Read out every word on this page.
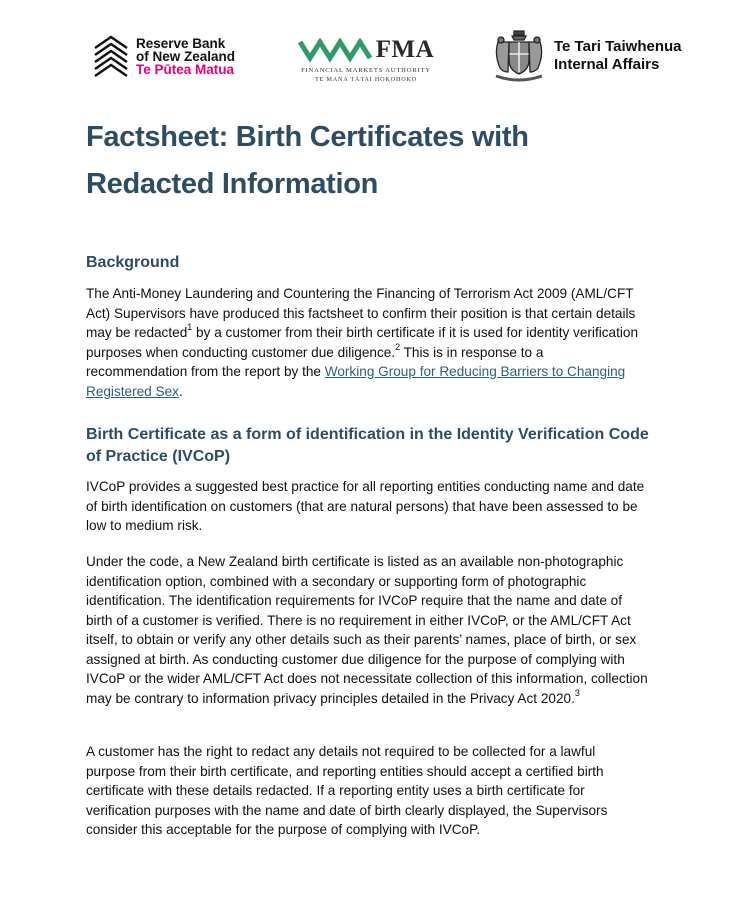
Reserve Bank
of New Zealand
Te Pūtea Matua
FMA
FINANCIAL MARKETS AUTHORITY
TE MANA TĀTAI HOKOHOKO
Te Tari Taiwhenua
Internal Affairs
Factsheet: Birth Certificates with
Redacted Information
Background

The Anti-Money Laundering and Countering the Financing of Terrorism Act 2009 (AML/CFT Act) Supervisors have produced this factsheet to confirm their position is that certain details may be redacted$^1$ by a customer from their birth certificate if it is used for identity verification purposes when conducting customer due diligence.$^2$ This is in response to a recommendation from the report by the Working Group for Reducing Barriers to Changing Registered Sex.

Birth Certificate as a form of identification in the Identity Verification Code of Practice (IVCoP)

IVCoP provides a suggested best practice for all reporting entities conducting name and date of birth identification on customers (that are natural persons) that have been assessed to be low to medium risk.

Under the code, a New Zealand birth certificate is listed as an available non-photographic identification option, combined with a secondary or supporting form of photographic identification. The identification requirements for IVCoP require that the name and date of birth of a customer is verified. There is no requirement in either IVCoP, or the AML/CFT Act itself, to obtain or verify any other details such as their parents’ names, place of birth, or sex assigned at birth. As conducting customer due diligence for the purpose of complying with IVCoP or the wider AML/CFT Act does not necessitate collection of this information, collection may be contrary to information privacy principles detailed in the Privacy Act 2020.$^3$

A customer has the right to redact any details not required to be collected for a lawful purpose from their birth certificate, and reporting entities should accept a certified birth certificate with these details redacted. If a reporting entity uses a birth certificate for verification purposes with the name and date of birth clearly displayed, the Supervisors consider this acceptable for the purpose of complying with IVCoP.
